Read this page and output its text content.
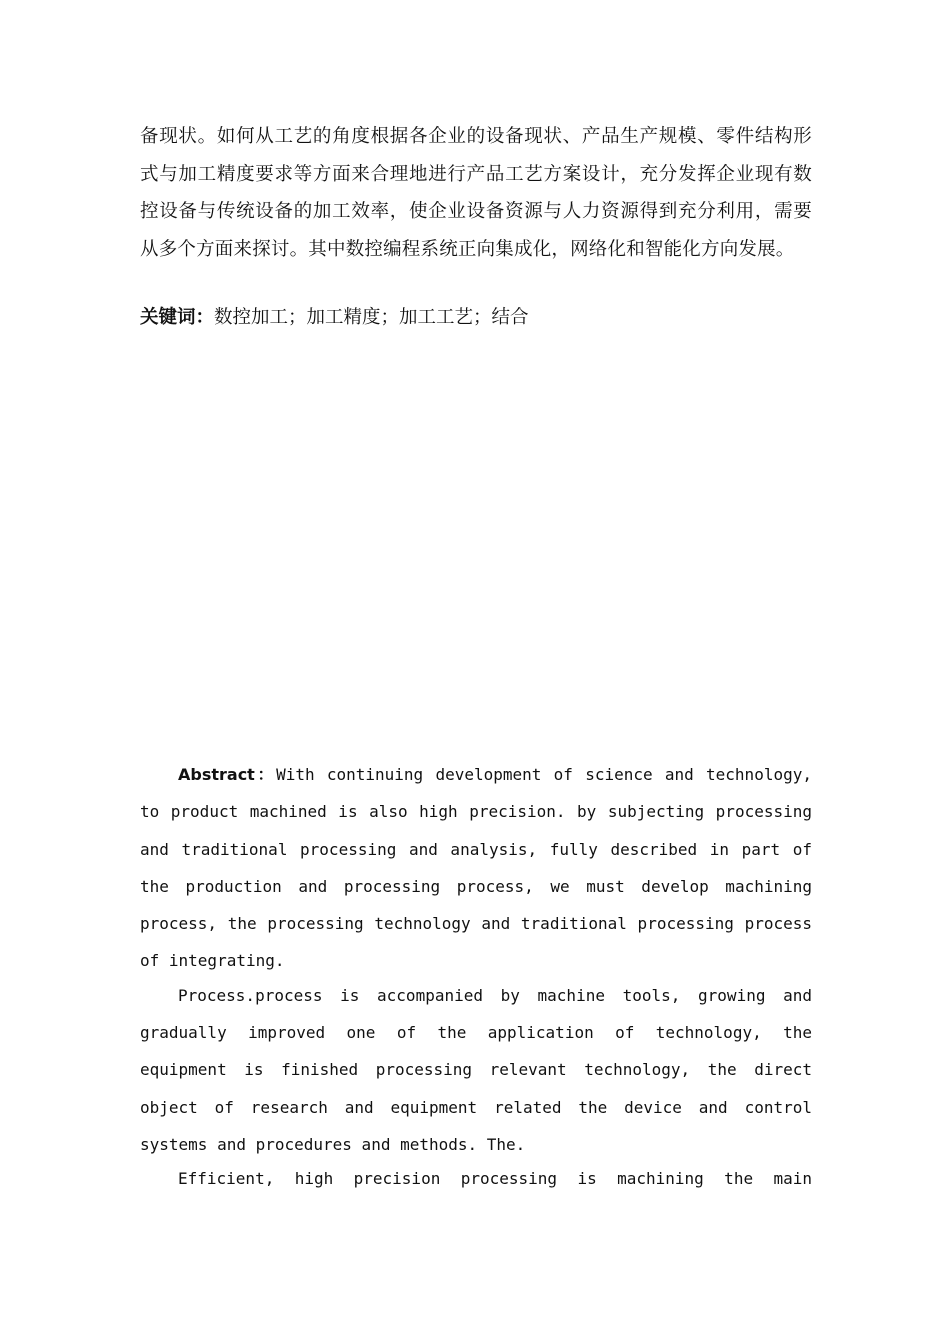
备现状。如何从工艺的角度根据各企业的设备现状、产品生产规模、零件结构形式与加工精度要求等方面来合理地进行产品工艺方案设计，充分发挥企业现有数控设备与传统设备的加工效率，使企业设备资源与人力资源得到充分利用，需要从多个方面来探讨。其中数控编程系统正向集成化，网络化和智能化方向发展。

关键词：数控加工；加工精度；加工工艺；结合

Abstract：With continuing development of science and technology, to product machined is also high precision. by subjecting processing and traditional processing and analysis, fully described in part of the production and processing process, we must develop machining process, the processing technology and traditional processing process of integrating.

Process.process is accompanied by machine tools, growing and gradually improved one of the application of technology, the equipment is finished processing relevant technology, the direct object of research and equipment related the device and control systems and procedures and methods. The.

Efficient, high precision processing is machining the main
